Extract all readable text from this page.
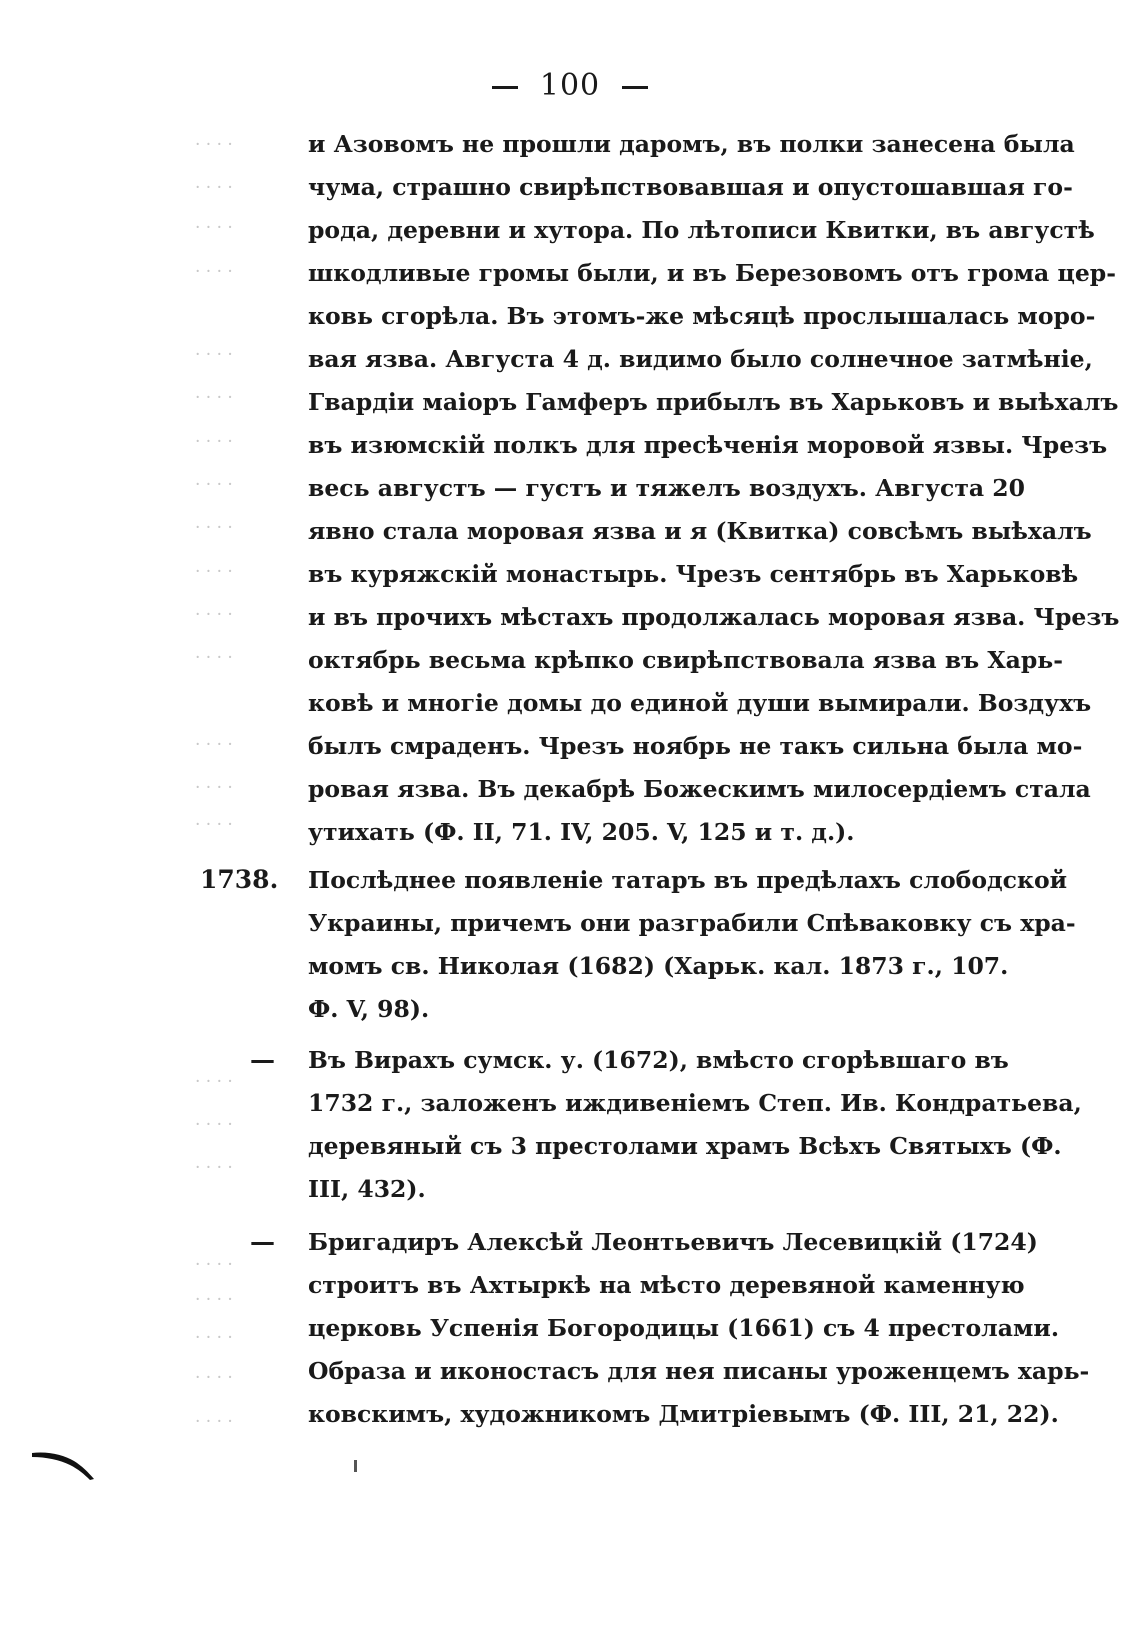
100
· · · ·
· · · ·
· · · ·
· · · ·
· · · ·
· · · ·
· · · ·
· · · ·
· · · ·
· · · ·
· · · ·
· · · ·
· · · ·
· · · ·
· · · ·
· · · ·
· · · ·
· · · ·
· · · ·
· · · ·
· · · ·
· · · ·
· · · ·
и Азовомъ не прошли даромъ, въ полки занесена была
чума, страшно свирѣпствовавшая и опустошавшая го-
рода, деревни и хутора. По лѣтописи Квитки, въ августѣ
шкодливые громы были, и въ Березовомъ отъ грома цер-
ковь сгорѣла. Въ этомъ-же мѣсяцѣ прослышалась моро-
вая язва. Августа 4 д. видимо было солнечное затмѣніе,
Гвардіи маіоръ Гамферъ прибылъ въ Харьковъ и выѣхалъ
въ изюмскій полкъ для пресѣченія моровой язвы. Чрезъ
весь августъ — густъ и тяжелъ воздухъ. Августа 20
явно стала моровая язва и я (Квитка) совсѣмъ выѣхалъ
въ куряжскій монастырь. Чрезъ сентябрь въ Харьковѣ
и въ прочихъ мѣстахъ продолжалась моровая язва. Чрезъ
октябрь весьма крѣпко свирѣпствовала язва въ Харь-
ковѣ и многіе домы до единой души вымирали. Воздухъ
былъ смраденъ. Чрезъ ноябрь не такъ сильна была мо-
ровая язва. Въ декабрѣ Божескимъ милосердіемъ стала
утихать (Ф. II, 71. IV, 205. V, 125 и т. д.).
1738.	Послѣднее появленіе татаръ въ предѣлахъ слободской
Украины, причемъ они разграбили Спѣваковку съ хра-
момъ св. Николая (1682) (Харьк. кал. 1873 г., 107.
Ф. V, 98).
—	Въ Вирахъ сумск. у. (1672), вмѣсто сгорѣвшаго въ
1732 г., заложенъ иждивеніемъ Степ. Ив. Кондратьева,
деревяный съ 3 престолами храмъ Всѣхъ Святыхъ (Ф.
III, 432).
—	Бригадиръ Алексѣй Леонтьевичъ Лесевицкій (1724)
строитъ въ Ахтыркѣ на мѣсто деревяной каменную
церковь Успенія Богородицы (1661) съ 4 престолами.
Образа и иконостасъ для нея писаны уроженцемъ харь-
ковскимъ, художникомъ Дмитріевымъ (Ф. III, 21, 22).
